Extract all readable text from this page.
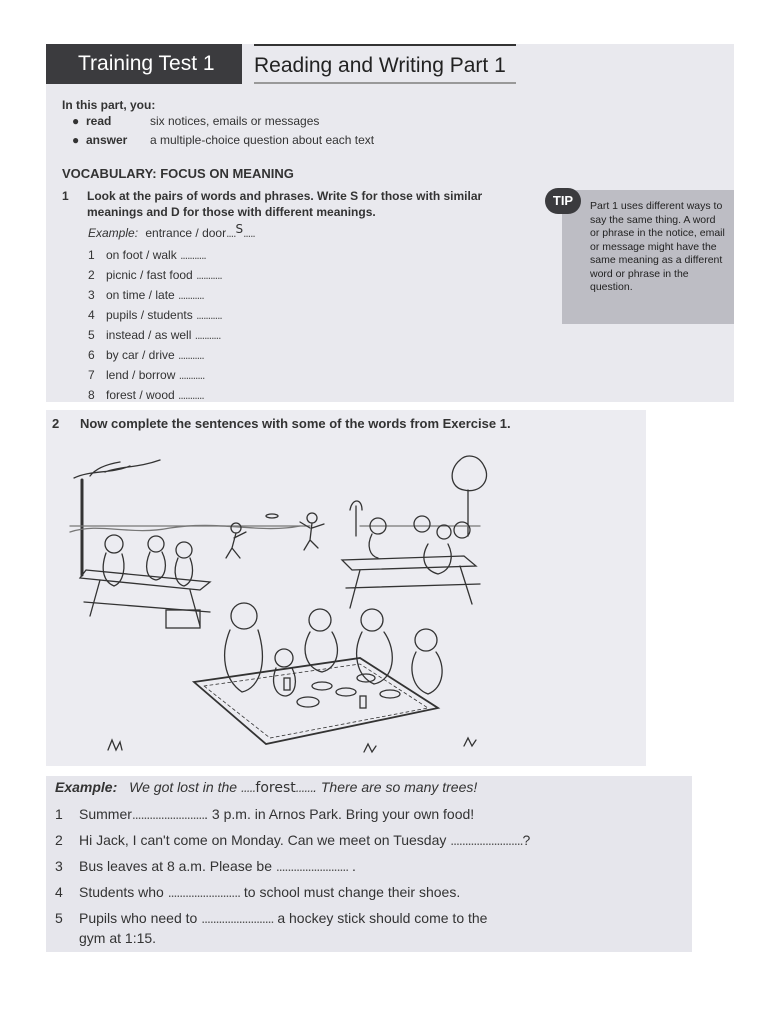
Training Test 1	Reading and Writing Part 1
In this part, you:
● read	six notices, emails or messages
● answer a multiple-choice question about each text
VOCABULARY: FOCUS ON MEANING
1 Look at the pairs of words and phrases. Write S for those with similar meanings and D for those with different meanings.
Example: entrance / door....S.....
1 on foot / walk ...........
2 picnic / fast food ...........
3 on time / late ...........
4 pupils / students ...........
5 instead / as well ...........
6 by car / drive ...........
7 lend / borrow ...........
8 forest / wood ...........
Part 1 uses different ways to say the same thing. A word or phrase in the notice, email or message might have the same meaning as a different word or phrase in the question.
TIP
2 Now complete the sentences with some of the words from Exercise 1.
Example: We got lost in the .....forest....... There are so many trees!
1 Summer.......................... 3 p.m. in Arnos Park. Bring your own food!
2 Hi Jack, I can't come on Monday. Can we meet on Tuesday .........................?
3 Bus leaves at 8 a.m. Please be ......................... .
4 Students who ......................... to school must change their shoes.
5 Pupils who need to ......................... a hockey stick should come to the
gym at 1:15.
